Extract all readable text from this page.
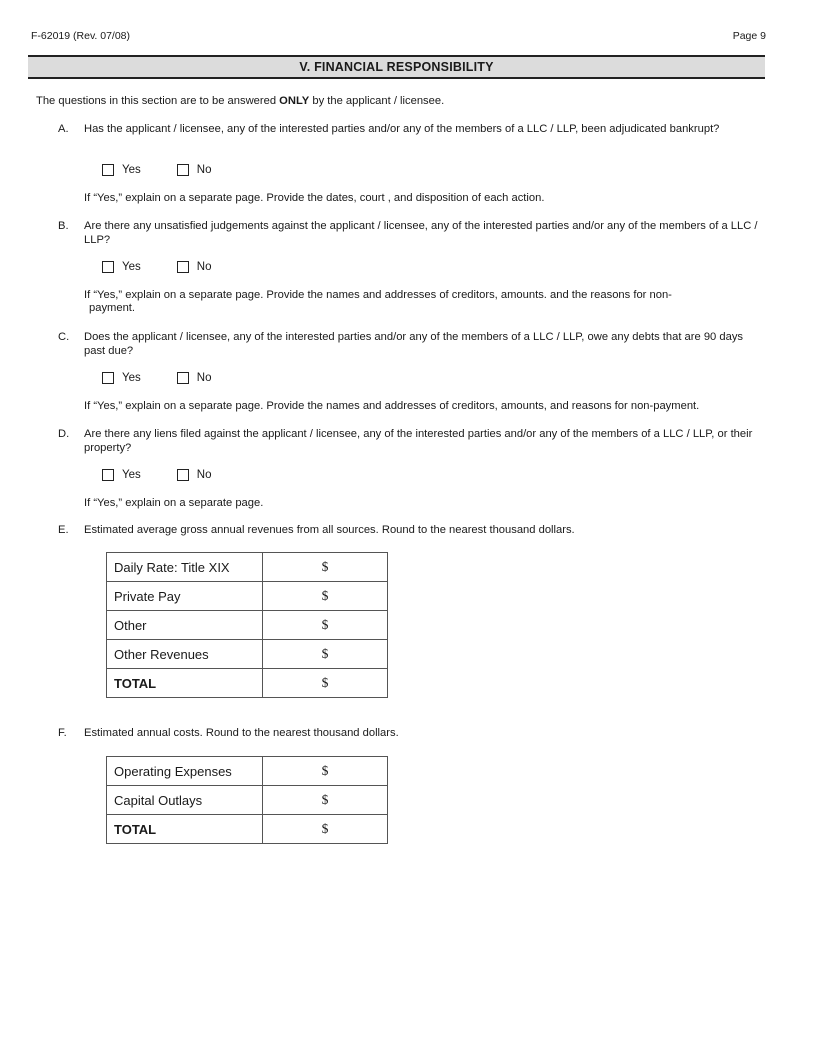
F-62019 (Rev. 07/08)	Page 9
V. FINANCIAL RESPONSIBILITY
The questions in this section are to be answered ONLY by the applicant / licensee.
A. Has the applicant / licensee, any of the interested parties and/or any of the members of a LLC / LLP, been adjudicated bankrupt?
Yes	No
If “Yes,” explain on a separate page. Provide the dates, court , and disposition of each action.
B. Are there any unsatisfied judgements against the applicant / licensee, any of the interested parties and/or any of the members of a LLC / LLP?
Yes	No
If “Yes,” explain on a separate page. Provide the names and addresses of creditors, amounts. and the reasons for non-
payment.
C. Does the applicant / licensee, any of the interested parties and/or any of the members of a LLC / LLP, owe any debts that are 90 days past due?
Yes	No
If “Yes,” explain on a separate page. Provide the names and addresses of creditors, amounts, and reasons for non-payment.
D. Are there any liens filed against the applicant / licensee, any of the interested parties and/or any of the members of a LLC / LLP, or their property?
Yes	No
If “Yes,” explain on a separate page.
E. Estimated average gross annual revenues from all sources. Round to the nearest thousand dollars.
Daily Rate: Title XIX	$
Private Pay	$
Other	$
Other Revenues	$
TOTAL	$
F. Estimated annual costs. Round to the nearest thousand dollars.
Operating Expenses	$
Capital Outlays	$
TOTAL	$
